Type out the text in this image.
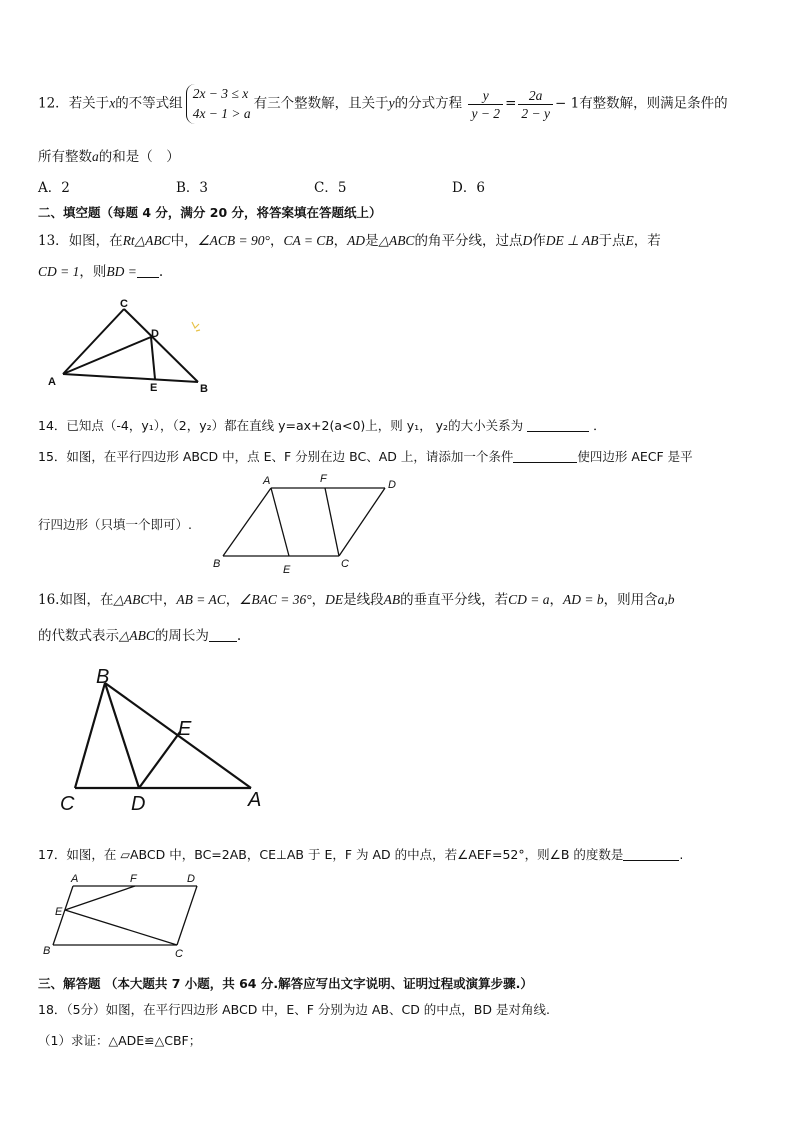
12．若关于x的不等式组
2x − 3 ≤ x
4x − 1 > a
有三个整数解，且关于y的分式方程 $\frac{y}{y - 2} = \frac{2a}{2 - y} - 1$有整数解，则满足条件的
所有整数a的和是（　）
A．2	B．3	C．5	D．6
二、填空题（每题 4 分，满分 20 分，将答案填在答题纸上）
13．如图，在Rt△ABC中，∠ACB = 90°，CA = CB，AD是△ABC的角平分线，过点D作DE ⊥ AB于点E，若
CD = 1，则BD = .
C
D
A	E	B
14．已知点（-4，y₁），（2，y₂）都在直线 y=ax+2(a<0)上，则 y₁， y₂的大小关系为	．
15．如图，在平行四边形 ABCD 中，点 E、F 分别在边 BC、AD 上，请添加一个条件	使四边形 AECF 是平
行四边形（只填一个即可）.
A	F	D
B	E	C
16.如图，在△ABC中，AB = AC，∠BAC = 36°，DE是线段AB的垂直平分线，若CD = a，AD = b，则用含a,b
的代数式表示△ABC的周长为 .
B
E
C	D	A
17．如图，在 ▱ABCD 中，BC=2AB，CE⊥AB 于 E，F 为 AD 的中点，若∠AEF=52°，则∠B 的度数是	.
A	F	D
E
B	C
三、解答题 （本大题共 7 小题，共 64 分.解答应写出文字说明、证明过程或演算步骤.）
18．（5分）如图，在平行四边形 ABCD 中，E、F 分别为边 AB、CD 的中点，BD 是对角线.
（1）求证：△ADE≌△CBF；
